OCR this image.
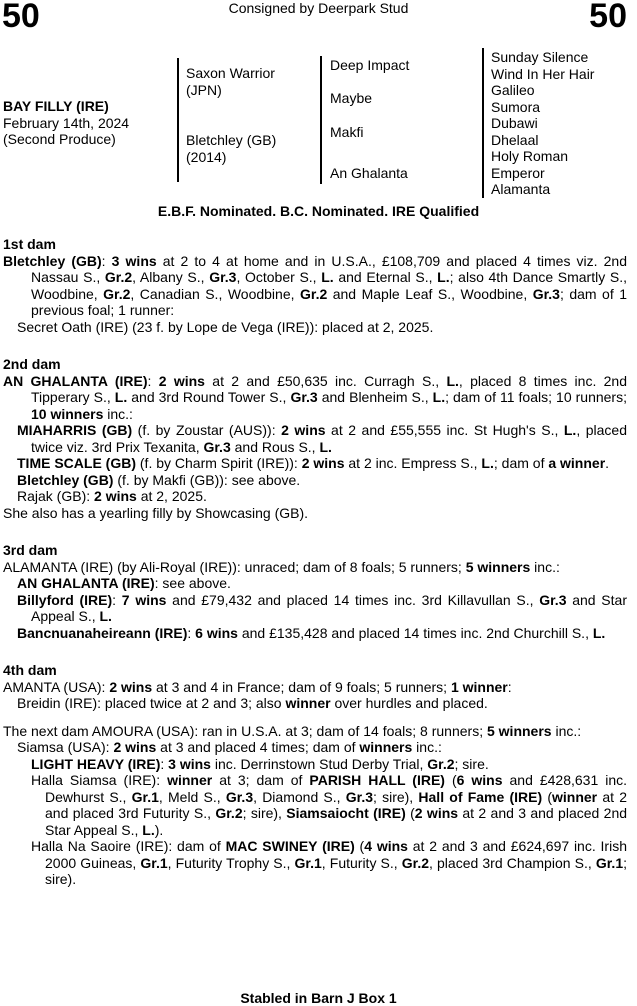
50	50
Consigned by Deerpark Stud
BAY FILLY (IRE)
February 14th, 2024
(Second Produce)
Saxon Warrior
(JPN)
Bletchley (GB)
(2014)
Deep Impact
Maybe
Makfi
An Ghalanta
Sunday Silence
Wind In Her Hair
Galileo
Sumora
Dubawi
Dhelaal
Holy Roman
Emperor
Alamanta
E.B.F. Nominated. B.C. Nominated. IRE Qualified
1st dam
Bletchley (GB): 3 wins at 2 to 4 at home and in U.S.A., £108,709 and placed 4 times viz. 2nd Nassau S., Gr.2, Albany S., Gr.3, October S., L. and Eternal S., L.; also 4th Dance Smartly S., Woodbine, Gr.2, Canadian S., Woodbine, Gr.2 and Maple Leaf S., Woodbine, Gr.3; dam of 1 previous foal; 1 runner:
Secret Oath (IRE) (23 f. by Lope de Vega (IRE)): placed at 2, 2025.
2nd dam
AN GHALANTA (IRE): 2 wins at 2 and £50,635 inc. Curragh S., L., placed 8 times inc. 2nd Tipperary S., L. and 3rd Round Tower S., Gr.3 and Blenheim S., L.; dam of 11 foals; 10 runners; 10 winners inc.:
MIAHARRIS (GB) (f. by Zoustar (AUS)): 2 wins at 2 and £55,555 inc. St Hugh's S., L., placed twice viz. 3rd Prix Texanita, Gr.3 and Rous S., L.
TIME SCALE (GB) (f. by Charm Spirit (IRE)): 2 wins at 2 inc. Empress S., L.; dam of a winner.
Bletchley (GB) (f. by Makfi (GB)): see above.
Rajak (GB): 2 wins at 2, 2025.
She also has a yearling filly by Showcasing (GB).
3rd dam
ALAMANTA (IRE) (by Ali-Royal (IRE)): unraced; dam of 8 foals; 5 runners; 5 winners inc.:
AN GHALANTA (IRE): see above.
Billyford (IRE): 7 wins and £79,432 and placed 14 times inc. 3rd Killavullan S., Gr.3 and Star Appeal S., L.
Bancnuanaheireann (IRE): 6 wins and £135,428 and placed 14 times inc. 2nd Churchill S., L.
4th dam
AMANTA (USA): 2 wins at 3 and 4 in France; dam of 9 foals; 5 runners; 1 winner:
Breidin (IRE): placed twice at 2 and 3; also winner over hurdles and placed.
The next dam AMOURA (USA): ran in U.S.A. at 3; dam of 14 foals; 8 runners; 5 winners inc.:
Siamsa (USA): 2 wins at 3 and placed 4 times; dam of winners inc.:
LIGHT HEAVY (IRE): 3 wins inc. Derrinstown Stud Derby Trial, Gr.2; sire.
Halla Siamsa (IRE): winner at 3; dam of PARISH HALL (IRE) (6 wins and £428,631 inc. Dewhurst S., Gr.1, Meld S., Gr.3, Diamond S., Gr.3; sire), Hall of Fame (IRE) (winner at 2 and placed 3rd Futurity S., Gr.2; sire), Siamsaiocht (IRE) (2 wins at 2 and 3 and placed 2nd Star Appeal S., L.).
Halla Na Saoire (IRE): dam of MAC SWINEY (IRE) (4 wins at 2 and 3 and £624,697 inc. Irish 2000 Guineas, Gr.1, Futurity Trophy S., Gr.1, Futurity S., Gr.2, placed 3rd Champion S., Gr.1; sire).
Stabled in Barn J Box 1
